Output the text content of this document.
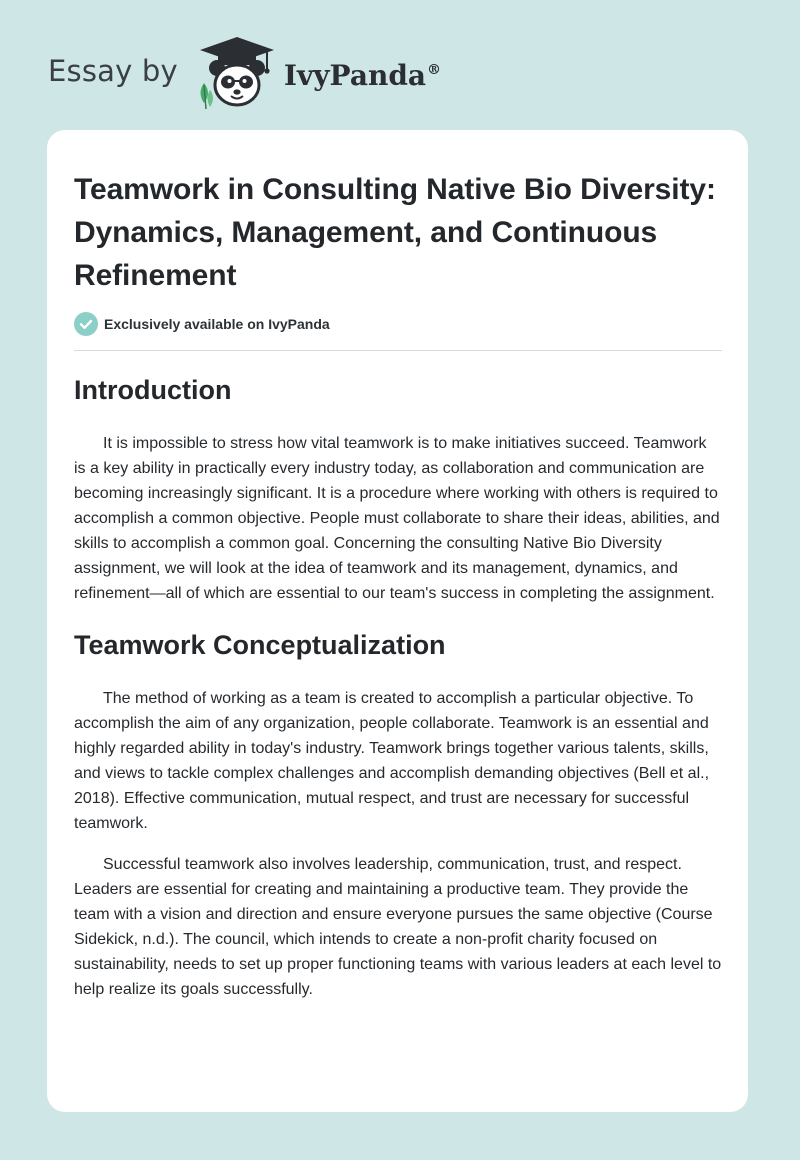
Essay by	IvyPanda®
Teamwork in Consulting Native Bio Diversity: Dynamics, Management, and Continuous Refinement
Exclusively available on IvyPanda
Introduction

It is impossible to stress how vital teamwork is to make initiatives succeed. Teamwork is a key ability in practically every industry today, as collaboration and communication are becoming increasingly significant. It is a procedure where working with others is required to accomplish a common objective. People must collaborate to share their ideas, abilities, and skills to accomplish a common goal. Concerning the consulting Native Bio Diversity assignment, we will look at the idea of teamwork and its management, dynamics, and refinement—all of which are essential to our team's success in completing the assignment.

Teamwork Conceptualization

The method of working as a team is created to accomplish a particular objective. To accomplish the aim of any organization, people collaborate. Teamwork is an essential and highly regarded ability in today's industry. Teamwork brings together various talents, skills, and views to tackle complex challenges and accomplish demanding objectives (Bell et al., 2018). Effective communication, mutual respect, and trust are necessary for successful teamwork.

Successful teamwork also involves leadership, communication, trust, and respect. Leaders are essential for creating and maintaining a productive team. They provide the team with a vision and direction and ensure everyone pursues the same objective (Course Sidekick, n.d.). The council, which intends to create a non-profit charity focused on sustainability, needs to set up proper functioning teams with various leaders at each level to help realize its goals successfully.
